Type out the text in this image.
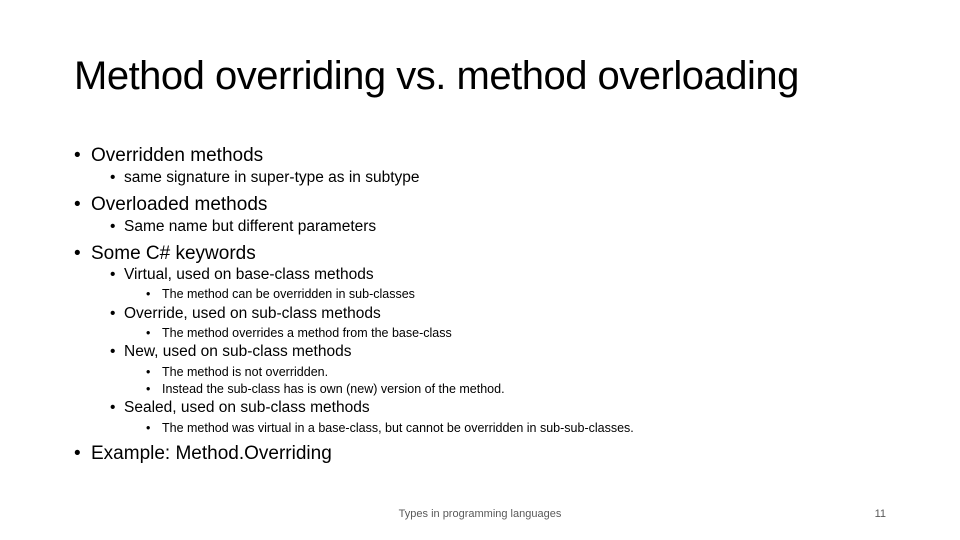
Method overriding vs. method overloading
• Overridden methods
• same signature in super-type as in subtype
• Overloaded methods
• Same name but different parameters
• Some C# keywords
• Virtual, used on base-class methods
• The method can be overridden in sub-classes
• Override, used on sub-class methods
• The method overrides a method from the base-class
• New, used on sub-class methods
• The method is not overridden.
• Instead the sub-class has is own (new) version of the method.
• Sealed, used on sub-class methods
• The method was virtual in a base-class, but cannot be overridden in sub-sub-classes.
• Example: Method.Overriding
Types in programming languages	11
